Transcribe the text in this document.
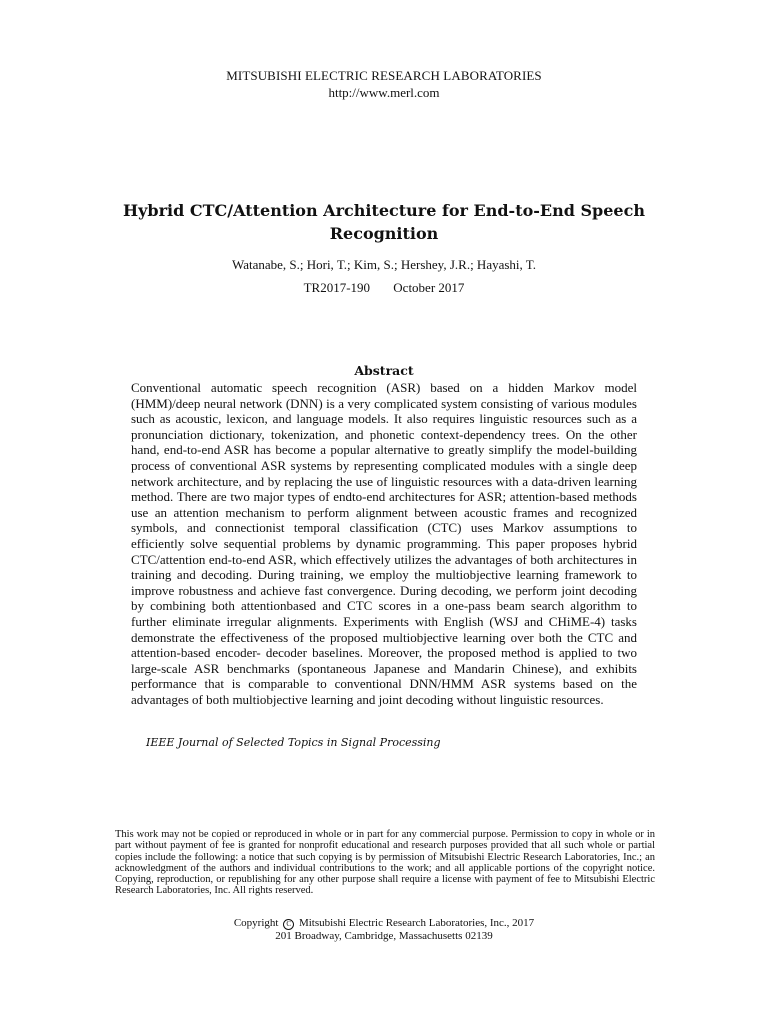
MITSUBISHI ELECTRIC RESEARCH LABORATORIES
http://www.merl.com
Hybrid CTC/Attention Architecture for End-to-End Speech Recognition
Watanabe, S.; Hori, T.; Kim, S.; Hershey, J.R.; Hayashi, T.
TR2017-190 October 2017
Abstract
Conventional automatic speech recognition (ASR) based on a hidden Markov model (HMM)/deep neural network (DNN) is a very complicated system consisting of various modules such as acoustic, lexicon, and language models. It also requires linguistic resources such as a pronunciation dictionary, tokenization, and phonetic context-dependency trees. On the other hand, end-to-end ASR has become a popular alternative to greatly simplify the model-building process of conventional ASR systems by representing complicated modules with a single deep network architecture, and by replacing the use of linguistic resources with a data-driven learning method. There are two major types of endto-end architectures for ASR; attention-based methods use an attention mechanism to perform alignment between acoustic frames and recognized symbols, and connectionist temporal classification (CTC) uses Markov assumptions to efficiently solve sequential problems by dynamic programming. This paper proposes hybrid CTC/attention end-to-end ASR, which effectively utilizes the advantages of both architectures in training and decoding. During training, we employ the multiobjective learning framework to improve robustness and achieve fast convergence. During decoding, we perform joint decoding by combining both attentionbased and CTC scores in a one-pass beam search algorithm to further eliminate irregular alignments. Experiments with English (WSJ and CHiME-4) tasks demonstrate the effectiveness of the proposed multiobjective learning over both the CTC and attention-based encoder- decoder baselines. Moreover, the proposed method is applied to two large-scale ASR benchmarks (spontaneous Japanese and Mandarin Chinese), and exhibits performance that is comparable to conventional DNN/HMM ASR systems based on the advantages of both multiobjective learning and joint decoding without linguistic resources.
IEEE Journal of Selected Topics in Signal Processing
This work may not be copied or reproduced in whole or in part for any commercial purpose. Permission to copy in whole or in part without payment of fee is granted for nonprofit educational and research purposes provided that all such whole or partial copies include the following: a notice that such copying is by permission of Mitsubishi Electric Research Laboratories, Inc.; an acknowledgment of the authors and individual contributions to the work; and all applicable portions of the copyright notice. Copying, reproduction, or republishing for any other purpose shall require a license with payment of fee to Mitsubishi Electric Research Laboratories, Inc. All rights reserved.
Copyright C Mitsubishi Electric Research Laboratories, Inc., 2017
201 Broadway, Cambridge, Massachusetts 02139
